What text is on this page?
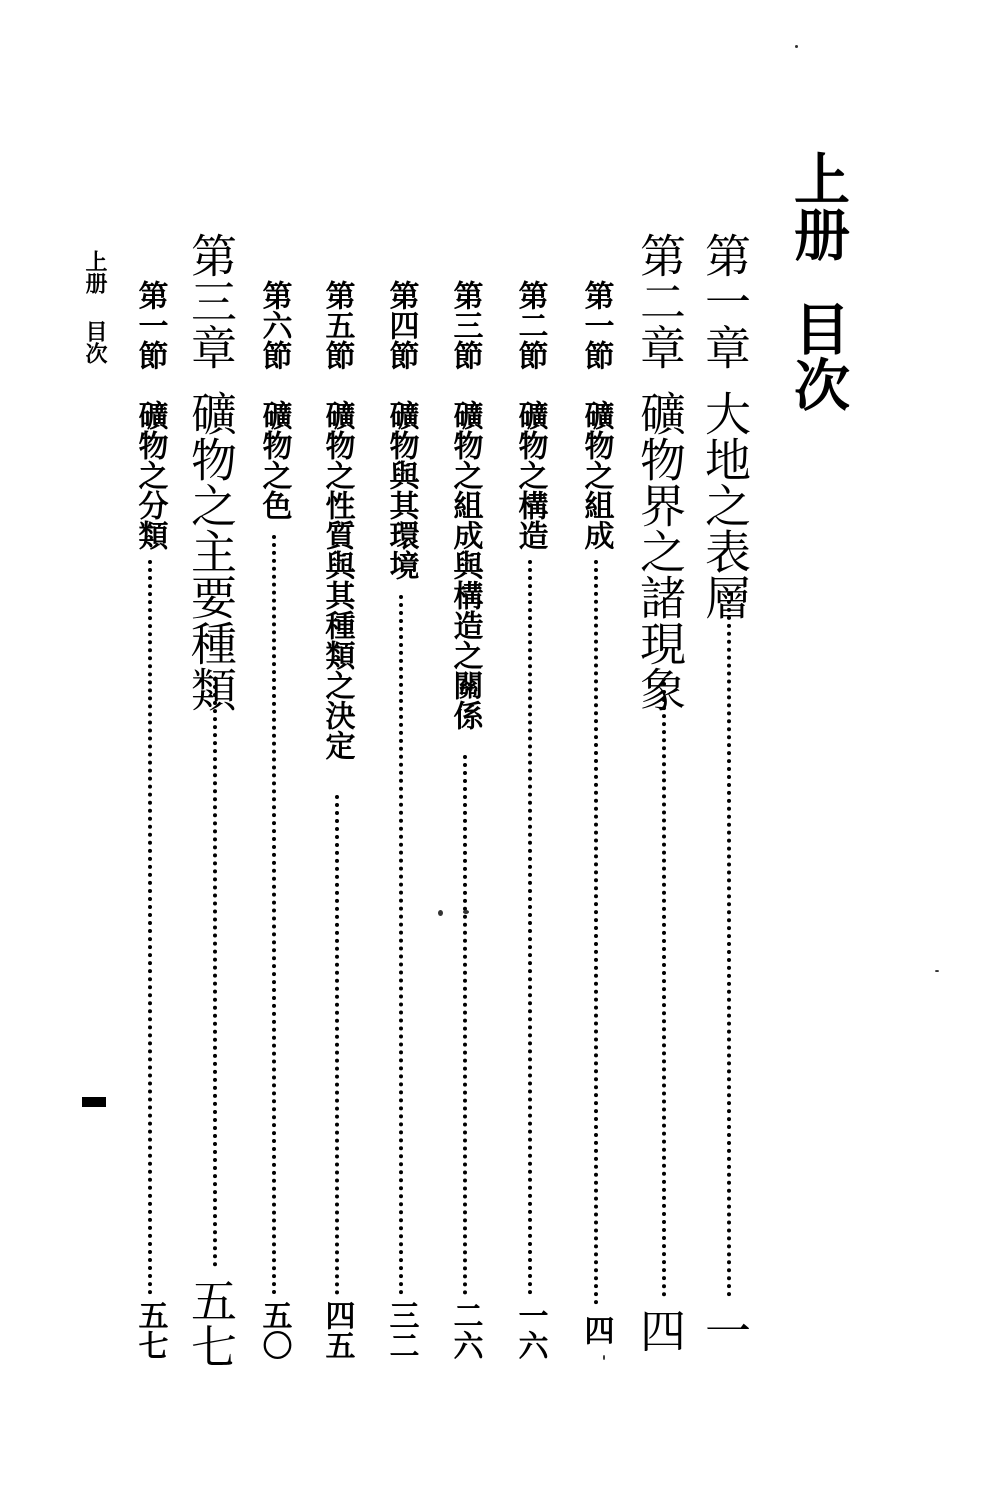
上册
目次
第一章大地之表層
一
第二章礦物界之諸現象
四
第一節礦物之組成
四
第二節礦物之構造
一六
第三節礦物之組成與構造之關係
二六
第四節礦物與其環境
三二
第五節礦物之性質與其種類之決定
四五
第六節礦物之色
五〇
第三章礦物之主要種類
五七
第一節礦物之分類
五七
上册 目次
